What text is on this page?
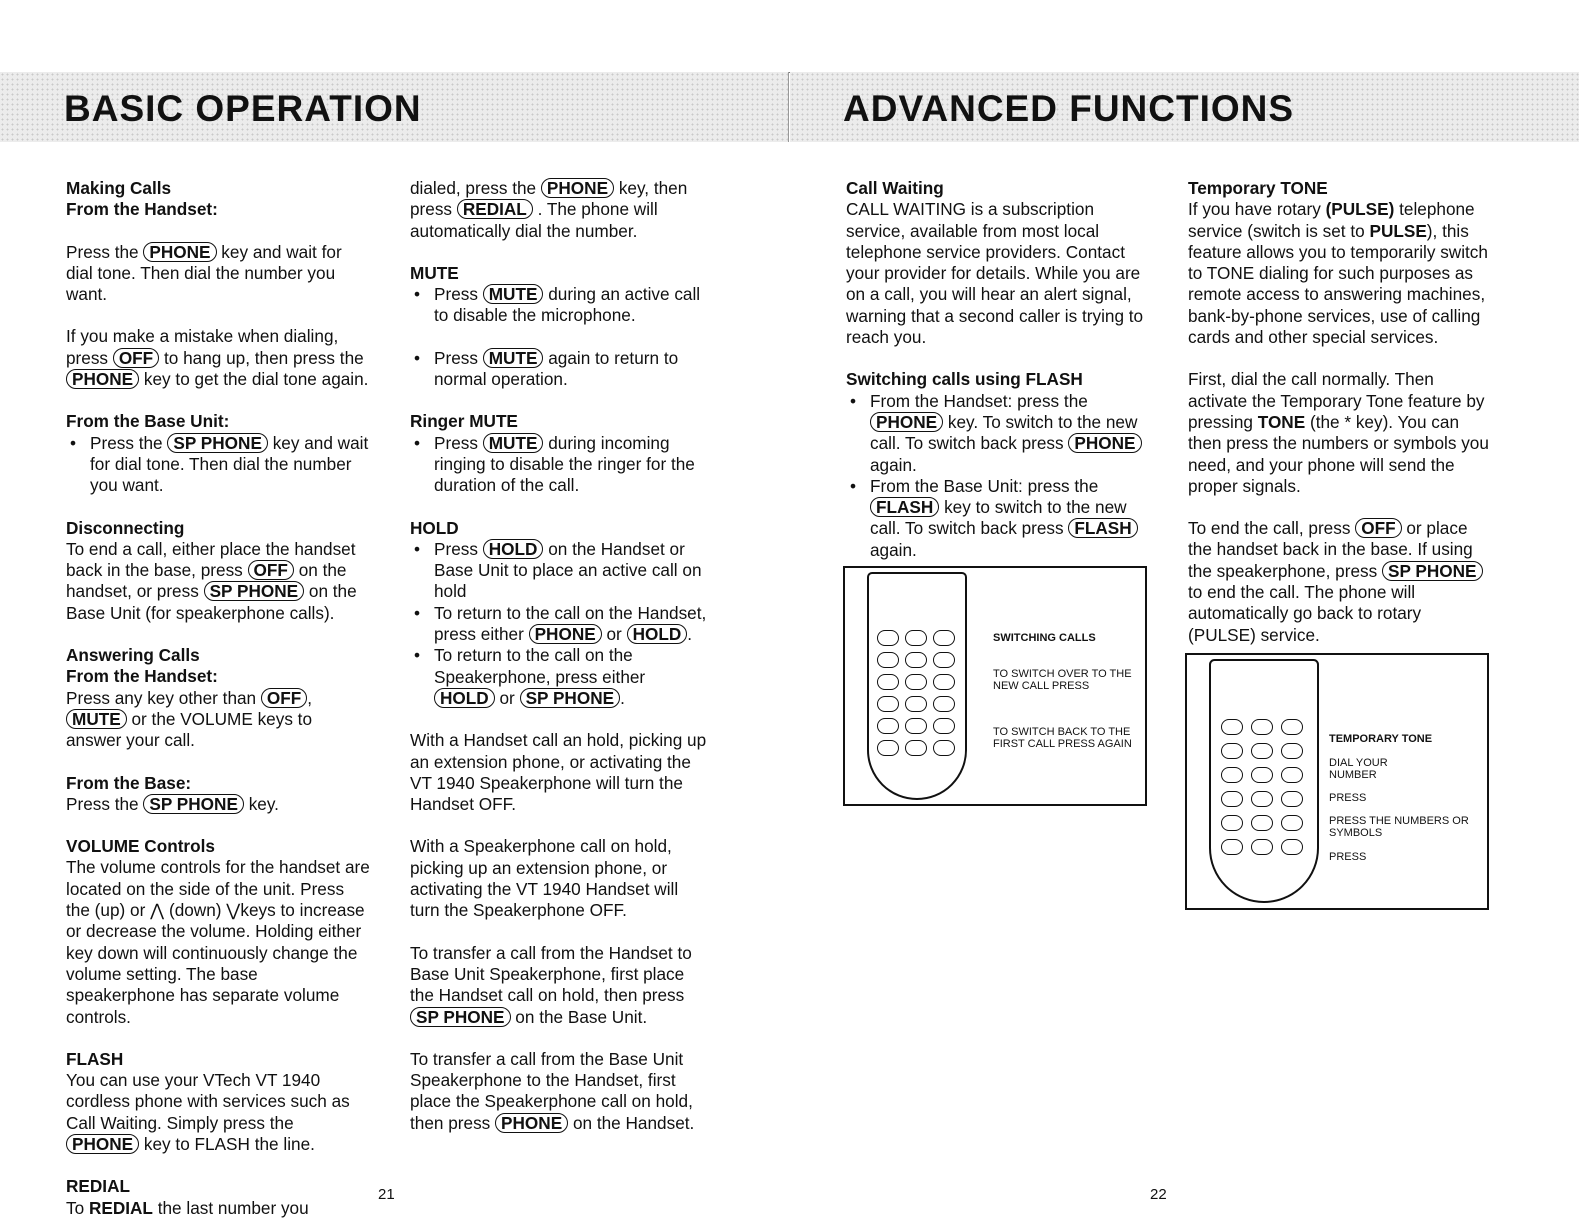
BASIC OPERATION	ADVANCED FUNCTIONS

Making Calls
From the Handset:

Press the PHONE key and wait for dial tone. Then dial the number you want.

If you make a mistake when dialing, press OFF to hang up, then press the PHONE key to get the dial tone again.

From the Base Unit:
• Press the SP PHONE key and wait for dial tone. Then dial the number you want.

Disconnecting
To end a call, either place the handset back in the base, press OFF on the handset, or press SP PHONE on the Base Unit (for speakerphone calls).

Answering Calls
From the Handset:
Press any key other than OFF , MUTE or the VOLUME keys to answer your call.

From the Base:
Press the SP PHONE key.

VOLUME Controls
The volume controls for the handset are located on the side of the unit. Press the (up) or ⋀ (down) ⋁keys to increase or decrease the volume. Holding either key down will continuously change the volume setting. The base speakerphone has separate volume controls.

FLASH
You can use your VTech VT 1940 cordless phone with services such as Call Waiting. Simply press the PHONE key to FLASH the line.

REDIAL
To REDIAL the last number you

dialed, press the PHONE key, then press REDIAL . The phone will automatically dial the number.

MUTE

• Press MUTE during an active call to disable the microphone.

• Press MUTE again to return to normal operation.

Ringer MUTE

• Press MUTE during incoming ringing to disable the ringer for the duration of the call.

HOLD

• Press HOLD on the Handset or Base Unit to place an active call on hold

• To return to the call on the Handset, press either PHONE or HOLD .

• To return to the call on the Speakerphone, press either HOLD or SP PHONE .

With a Handset call an hold, picking up an extension phone, or activating the VT 1940 Speakerphone will turn the Handset OFF.

With a Speakerphone call on hold, picking up an extension phone, or activating the VT 1940 Handset will turn the Speakerphone OFF.

To transfer a call from the Handset to Base Unit Speakerphone, first place the Handset call on hold, then press SP PHONE on the Base Unit.

To transfer a call from the Base Unit Speakerphone to the Handset, first place the Speakerphone call on hold, then press PHONE on the Handset.

Call Waiting
CALL WAITING is a subscription service, available from most local telephone service providers. Contact your provider for details. While you are on a call, you will hear an alert signal, warning that a second caller is trying to reach you.

Switching calls using FLASH

• From the Handset: press the PHONE key. To switch to the new call. To switch back press PHONE again.

• From the Base Unit: press the FLASH key to switch to the new call. To switch back press FLASH again.

SWITCHING CALLS
TO SWITCH OVER TO THE NEW CALL PRESS
TO SWITCH BACK TO THE FIRST CALL PRESS AGAIN

Temporary TONE
If you have rotary (PULSE) telephone service (switch is set to PULSE), this feature allows you to temporarily switch to TONE dialing for such purposes as remote access to answering machines, bank-by-phone services, use of calling cards and other special services.

First, dial the call normally. Then activate the Temporary Tone feature by pressing TONE (the * key). You can then press the numbers or symbols you need, and your phone will send the proper signals.

To end the call, press OFF or place the handset back in the base. If using the speakerphone, press SP PHONE to end the call. The phone will automatically go back to rotary (PULSE) service.

TEMPORARY TONE
DIAL YOUR NUMBER
PRESS
PRESS THE NUMBERS OR SYMBOLS
PRESS
21	22
